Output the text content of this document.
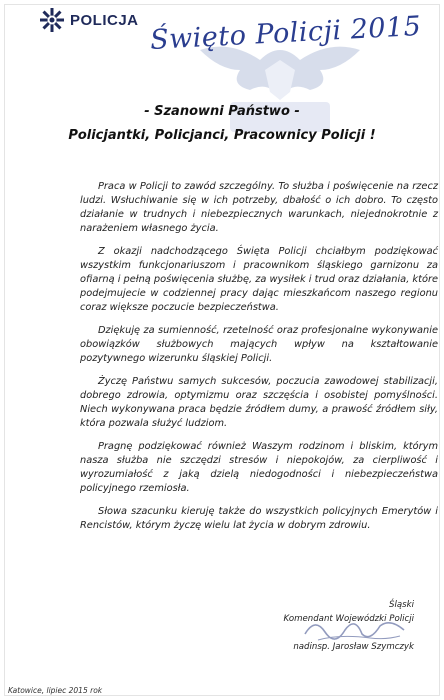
POLICJA Święto Policji 2015
- Szanowni Państwo -
Policjantki, Policjanci, Pracownicy Policji !

Praca w Policji to zawód szczególny. To służba i poświęcenie na rzecz ludzi. Wsłuchiwanie się w ich potrzeby, dbałość o ich dobro. To często działanie w trudnych i niebezpiecznych warunkach, niejednokrotnie z narażeniem własnego życia.

Z okazji nadchodzącego Święta Policji chciałbym podziękować wszystkim funkcjonariuszom i pracownikom śląskiego garnizonu za ofiarną i pełną poświęcenia służbę, za wysiłek i trud oraz działania, które podejmujecie w codziennej pracy dając mieszkańcom naszego regionu coraz większe poczucie bezpieczeństwa.

Dziękuję za sumienność, rzetelność oraz profesjonalne wykonywanie obowiązków służbowych mających wpływ na kształtowanie pozytywnego wizerunku śląskiej Policji.

Życzę Państwu samych sukcesów, poczucia zawodowej stabilizacji, dobrego zdrowia, optymizmu oraz szczęścia i osobistej pomyślności. Niech wykonywana praca będzie źródłem dumy, a prawość źródłem siły, która pozwala służyć ludziom.

Pragnę podziękować również Waszym rodzinom i bliskim, którym nasza służba nie szczędzi stresów i niepokojów, za cierpliwość i wyrozumiałość z jaką dzielą niedogodności i niebezpieczeństwa policyjnego rzemiosła.

Słowa szacunku kieruję także do wszystkich policyjnych Emerytów i Rencistów, którym życzę wielu lat życia w dobrym zdrowiu.

Śląski
Komendant Wojewódzki Policji
nadinsp. Jarosław Szymczyk
Katowice, lipiec 2015 rok
